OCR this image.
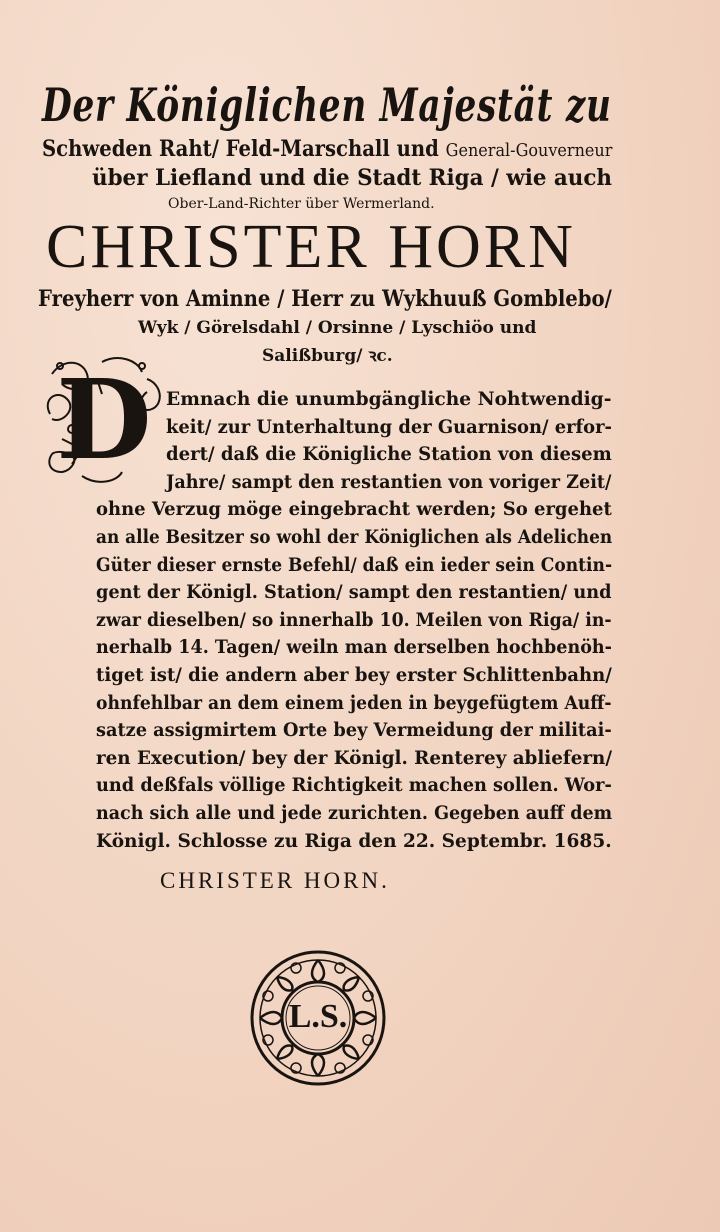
Der Königlichen Majestät zu
Schweden Raht/ Feld-Marschall und General-Gouverneur
über Liefland und die Stadt Riga / wie auch
Ober-Land-Richter über Wermerland.
CHRISTER HORN
Freyherr von Aminne / Herr zu Wykhuuß Gomblebo/
Wyk / Görelsdahl / Orsinne / Lyschiöo und
Salißburg/ ꝛc.
D Emnach die unumbgängliche Nohtwendig-
keit/ zur Unterhaltung der Guarnison/ erfor-
dert/ daß die Königliche Station von diesem
Jahre/ sampt den restantien von voriger Zeit/
ohne Verzug möge eingebracht werden; So ergehet
an alle Besitzer so wohl der Königlichen als Adelichen
Güter dieser ernste Befehl/ daß ein ieder sein Contin-
gent der Königl. Station/ sampt den restantien/ und
zwar dieselben/ so innerhalb 10. Meilen von Riga/ in-
nerhalb 14. Tagen/ weiln man derselben hochbenöh-
tiget ist/ die andern aber bey erster Schlittenbahn/
ohnfehlbar an dem einem jeden in beygefügtem Auff-
satze assigmirtem Orte bey Vermeidung der militai-
ren Execution/ bey der Königl. Renterey abliefern/
und deßfals völlige Richtigkeit machen sollen. Wor-
nach sich alle und jede zurichten. Gegeben auff dem
Königl. Schlosse zu Riga den 22. Septembr. 1685.
CHRISTER HORN.
L.S.
